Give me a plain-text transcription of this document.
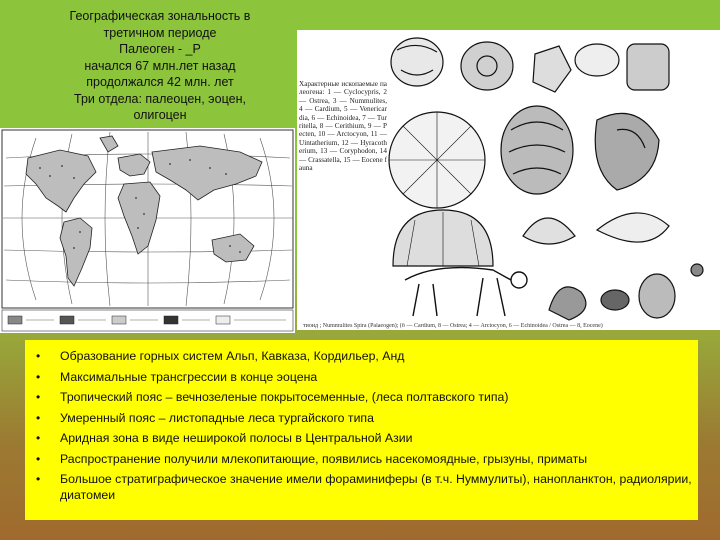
Географическая зональность в
третичном периоде
Палеоген - _P
начался 67 млн.лет назад
продолжался 42 млн. лет
Три отдела: палеоцен, эоцен,
олигоцен
Характерные ископаемые палеогена: 1 — Cyclocypris, 2 — Ostrea, 3 — Nummulites, 4 — Cardium, 5 — Venericardia, 6 — Echinoidea, 7 — Turritella, 8 — Cerithium, 9 — Pecten, 10 — Arctocyon, 11 — Uintatherium, 12 — Hyracotherium, 13 — Coryphodon, 14 — Crassatella, 15 — Eocene fauna
тиоид ; Nummulites Spira (Palaeogen); (б — Cardium, 8 — Ostrea; 4 — Arctocyon, 6 — Echinoidea / Ostrea — 8, Eocene)
• Образование горных систем Альп, Кавказа, Кордильер, Анд
• Максимальные трансгрессии в конце эоцена
• Тропический пояс – вечнозеленые покрытосеменные, (леса полтавского типа)
• Умеренный пояс – листопадные леса тургайского типа
• Аридная зона в виде неширокой полосы в Центральной Азии
• Распространение получили млекопитающие, появились насекомоядные, грызуны, приматы
• Большое стратиграфическое значение имели фораминиферы (в т.ч. Нуммулиты), нанопланктон, радиолярии, диатомеи
